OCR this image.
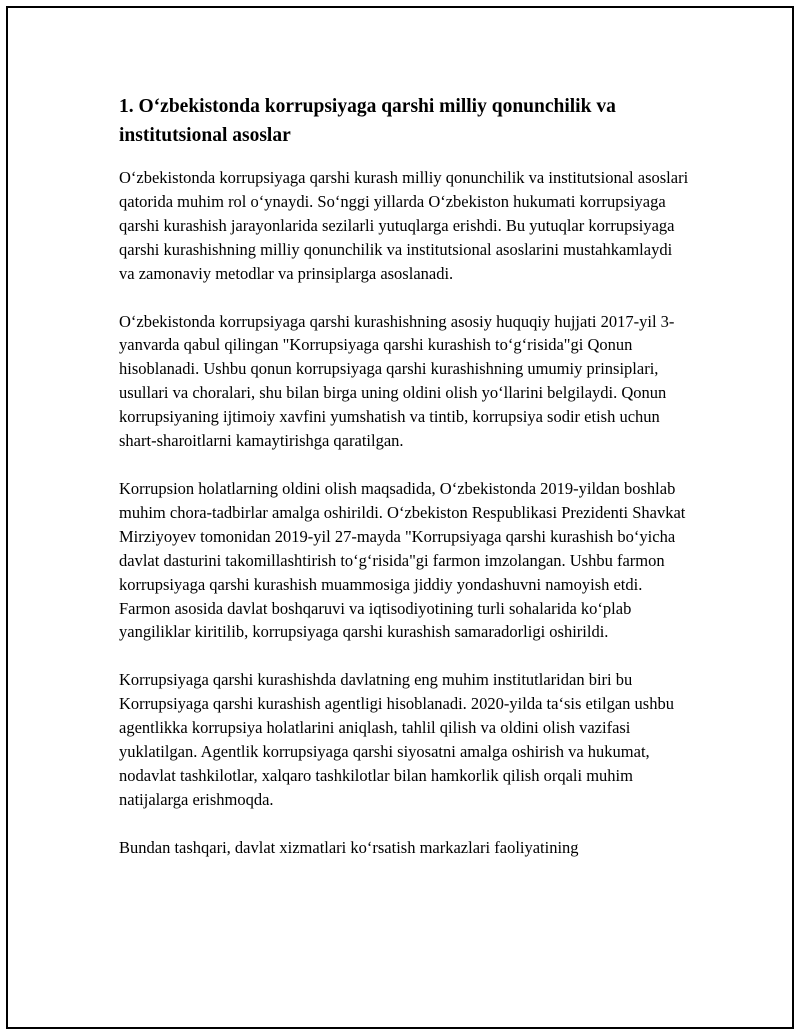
1. O‘zbekistonda korrupsiyaga qarshi milliy qonunchilik va institutsional asoslar

O‘zbekistonda korrupsiyaga qarshi kurash milliy qonunchilik va institutsional asoslari qatorida muhim rol o‘ynaydi. So‘nggi yillarda O‘zbekiston hukumati korrupsiyaga qarshi kurashish jarayonlarida sezilarli yutuqlarga erishdi. Bu yutuqlar korrupsiyaga qarshi kurashishning milliy qonunchilik va institutsional asoslarini mustahkamlaydi va zamonaviy metodlar va prinsiplarga asoslanadi.

O‘zbekistonda korrupsiyaga qarshi kurashishning asosiy huquqiy hujjati 2017-yil 3-yanvarda qabul qilingan "Korrupsiyaga qarshi kurashish to‘g‘risida"gi Qonun hisoblanadi. Ushbu qonun korrupsiyaga qarshi kurashishning umumiy prinsiplari, usullari va choralari, shu bilan birga uning oldini olish yo‘llarini belgilaydi. Qonun korrupsiyaning ijtimoiy xavfini yumshatish va tintib, korrupsiya sodir etish uchun shart-sharoitlarni kamaytirishga qaratilgan.

Korrupsion holatlarning oldini olish maqsadida, O‘zbekistonda 2019-yildan boshlab muhim chora-tadbirlar amalga oshirildi. O‘zbekiston Respublikasi Prezidenti Shavkat Mirziyoyev tomonidan 2019-yil 27-mayda "Korrupsiyaga qarshi kurashish bo‘yicha davlat dasturini takomillashtirish to‘g‘risida"gi farmon imzolangan. Ushbu farmon korrupsiyaga qarshi kurashish muammosiga jiddiy yondashuvni namoyish etdi. Farmon asosida davlat boshqaruvi va iqtisodiyotining turli sohalarida ko‘plab yangiliklar kiritilib, korrupsiyaga qarshi kurashish samaradorligi oshirildi.

Korrupsiyaga qarshi kurashishda davlatning eng muhim institutlaridan biri bu Korrupsiyaga qarshi kurashish agentligi hisoblanadi. 2020-yilda ta‘sis etilgan ushbu agentlikka korrupsiya holatlarini aniqlash, tahlil qilish va oldini olish vazifasi yuklatilgan. Agentlik korrupsiyaga qarshi siyosatni amalga oshirish va hukumat, nodavlat tashkilotlar, xalqaro tashkilotlar bilan hamkorlik qilish orqali muhim natijalarga erishmoqda.

Bundan tashqari, davlat xizmatlari ko‘rsatish markazlari faoliyatining
